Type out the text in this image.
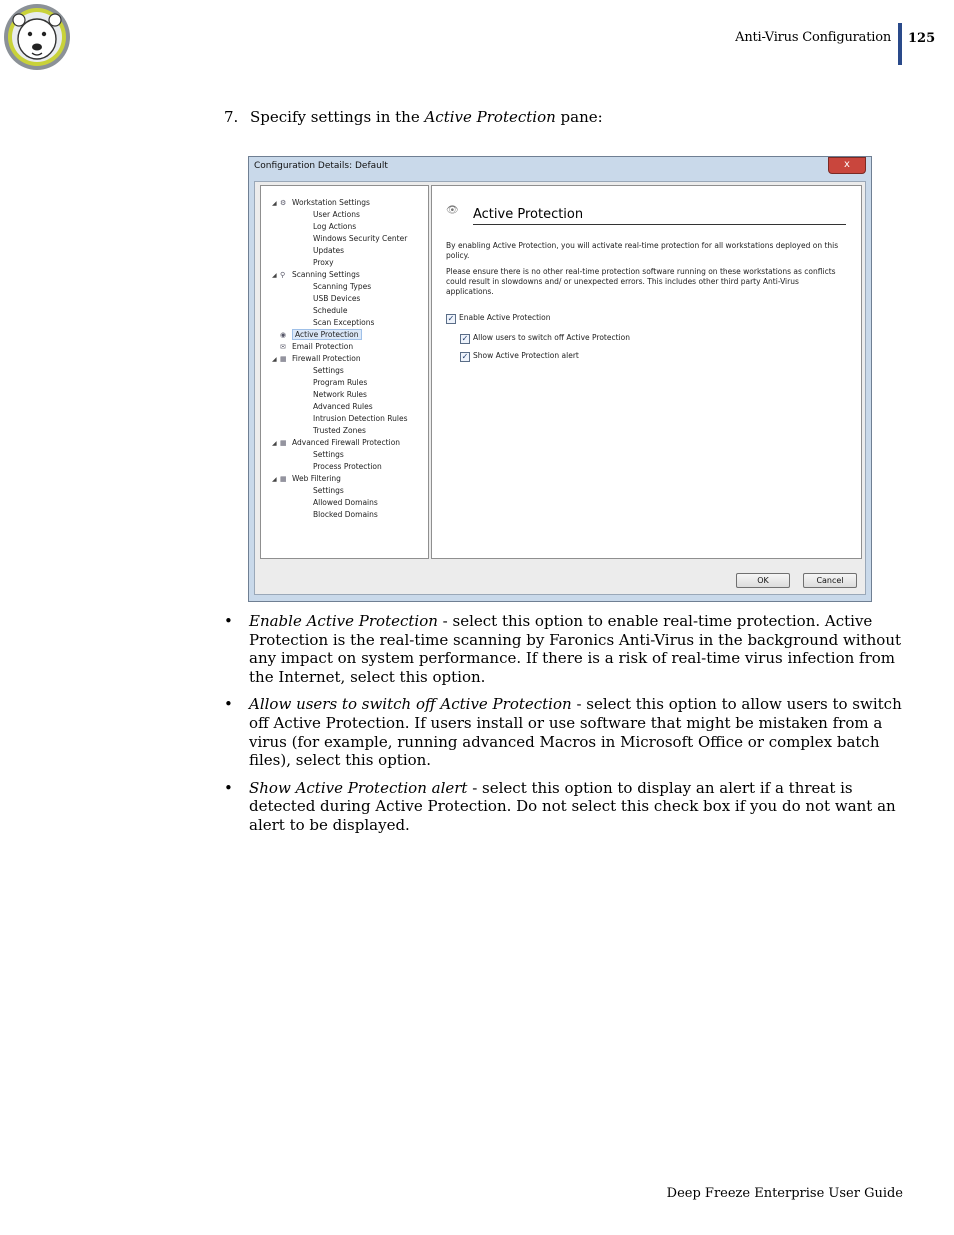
Anti-Virus Configuration 125
7. Specify settings in the Active Protection pane:
Configuration Details: Default	x
◢ ⚙ Workstation Settings
User Actions
Log Actions
Windows Security Center
Updates
Proxy
◢ ⚲ Scanning Settings
Scanning Types
USB Devices
Schedule
Scan Exceptions
◉ Active Protection
✉ Email Protection
◢ ▦ Firewall Protection
Settings
Program Rules
Network Rules
Advanced Rules
Intrusion Detection Rules
Trusted Zones
◢ ▦ Advanced Firewall Protection
Settings
Process Protection
◢ ▦ Web Filtering
Settings
Allowed Domains
Blocked Domains
👁 Active Protection
By enabling Active Protection, you will activate real-time protection for all workstations deployed on this policy.
Please ensure there is no other real-time protection software running on these workstations as conflicts could result in slowdowns and/ or unexpected errors. This includes other third party Anti-Virus applications.
✓ Enable Active Protection
✓ Allow users to switch off Active Protection
✓ Show Active Protection alert
OK	Cancel
• Enable Active Protection - select this option to enable real-time protection. Active Protection is the real-time scanning by Faronics Anti-Virus in the background without any impact on system performance. If there is a risk of real-time virus infection from the Internet, select this option.
• Allow users to switch off Active Protection - select this option to allow users to switch off Active Protection. If users install or use software that might be mistaken from a virus (for example, running advanced Macros in Microsoft Office or complex batch files), select this option.
• Show Active Protection alert - select this option to display an alert if a threat is detected during Active Protection. Do not select this check box if you do not want an alert to be displayed.
Deep Freeze Enterprise User Guide
